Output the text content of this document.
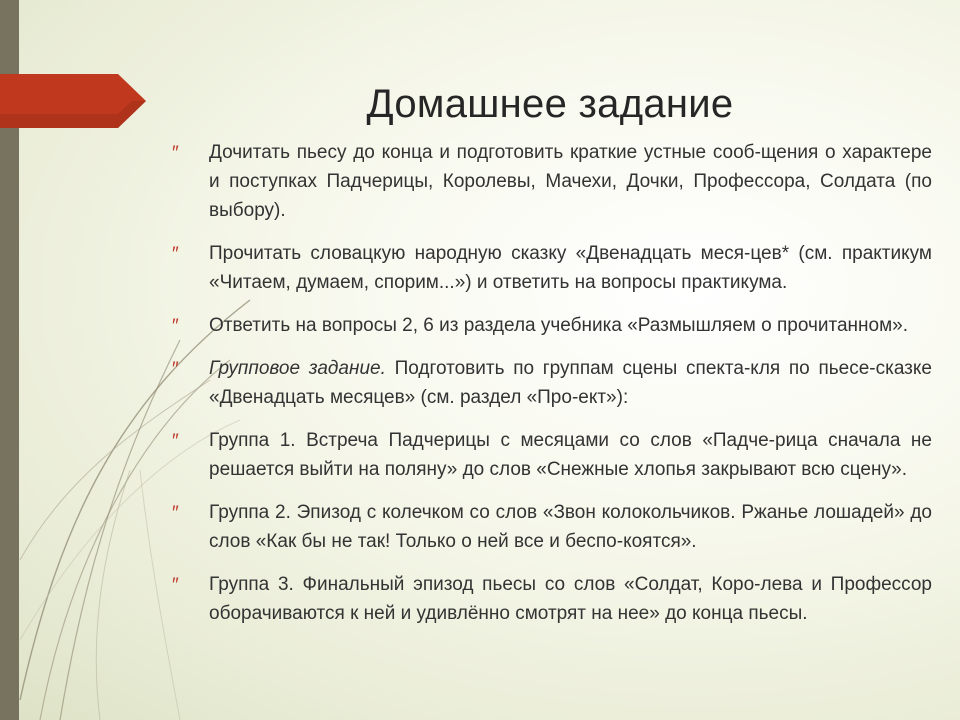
Домашнее задание
″ Дочитать пьесу до конца и подготовить краткие устные сооб-щения о характере и поступках Падчерицы, Королевы, Мачехи, Дочки, Профессора, Солдата (по выбору).
″ Прочитать словацкую народную сказку «Двенадцать меся-цев* (см. практикум «Читаем, думаем, спорим...») и ответить на вопросы практикума.
″ Ответить на вопросы 2, 6 из раздела учебника «Размышляем о прочитанном».
″ Групповое задание. Подготовить по группам сцены спекта-кля по пьесе-сказке «Двенадцать месяцев» (см. раздел «Про-ект»):
″ Группа 1. Встреча Падчерицы с месяцами со слов «Падче-рица сначала не решается выйти на поляну» до слов «Снежные хлопья закрывают всю сцену».
″ Группа 2. Эпизод с колечком со слов «Звон колокольчиков. Ржанье лошадей» до слов «Как бы не так! Только о ней все и беспо-коятся».
″ Группа 3. Финальный эпизод пьесы со слов «Солдат, Коро-лева и Профессор оборачиваются к ней и удивлённо смотрят на нее» до конца пьесы.
